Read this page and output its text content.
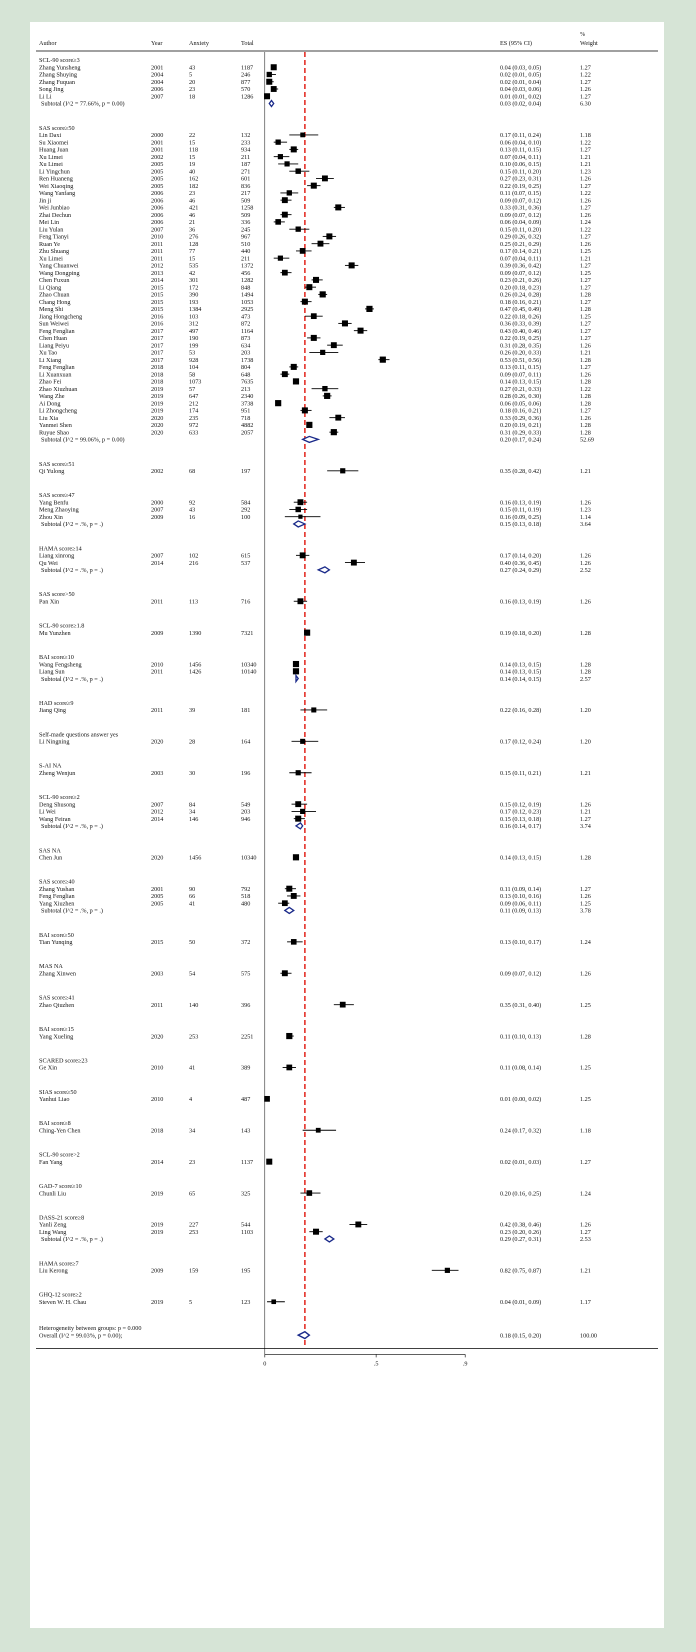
Author	Year	Anxiety	Total	ES (95% CI)
%
Weight
SCL-90 score≥3
Zhang Yunsheng	2001	43	1187	0.04 (0.03, 0.05)	1.27
Zhang Shuying	2004	5	246	0.02 (0.01, 0.05)	1.22
Zhang Fuquan	2004	20	877	0.02 (0.01, 0.04)	1.27
Song Jing	2006	23	570	0.04 (0.03, 0.06)	1.26
Li Li	2007	18	1286	0.01 (0.01, 0.02)	1.27
Subtotal (I^2 = 77.66%, p = 0.00)	0.03 (0.02, 0.04)	6.30
SAS score≥50
Lin Daxi	2000	22	132	0.17 (0.11, 0.24)	1.18
Su Xiaomei	2001	15	233	0.06 (0.04, 0.10)	1.22
Huang Juan	2001	118	934	0.13 (0.11, 0.15)	1.27
Xu Limei	2002	15	211	0.07 (0.04, 0.11)	1.21
Xu Limei	2005	19	187	0.10 (0.06, 0.15)	1.21
Li Yingchun	2005	40	271	0.15 (0.11, 0.20)	1.23
Ren Huaneng	2005	162	601	0.27 (0.23, 0.31)	1.26
Wei Xiaoqing	2005	182	836	0.22 (0.19, 0.25)	1.27
Wang Yanfang	2006	23	217	0.11 (0.07, 0.15)	1.22
Jin ji	2006	46	509	0.09 (0.07, 0.12)	1.26
Wei Junbiao	2006	421	1258	0.33 (0.31, 0.36)	1.27
Zhai Dechun	2006	46	509	0.09 (0.07, 0.12)	1.26
Mei Lin	2006	21	336	0.06 (0.04, 0.09)	1.24
Liu Yulan	2007	36	245	0.15 (0.11, 0.20)	1.22
Feng Tianyi	2010	276	967	0.29 (0.26, 0.32)	1.27
Ruan Ye	2011	128	510	0.25 (0.21, 0.29)	1.26
Zhu Shuang	2011	77	440	0.17 (0.14, 0.21)	1.25
Xu Limei	2011	15	211	0.07 (0.04, 0.11)	1.21
Yang Chuanwei	2012	535	1372	0.39 (0.36, 0.42)	1.27
Wang Dongping	2013	42	456	0.09 (0.07, 0.12)	1.25
Chen Fuxun	2014	301	1282	0.23 (0.21, 0.26)	1.27
Li Qiang	2015	172	848	0.20 (0.18, 0.23)	1.27
Zhao Chuan	2015	390	1494	0.26 (0.24, 0.28)	1.28
Chang Hong	2015	193	1053	0.18 (0.16, 0.21)	1.27
Meng Shi	2015	1384	2925	0.47 (0.45, 0.49)	1.28
Jiang Hongcheng	2016	103	473	0.22 (0.18, 0.26)	1.25
Sun Weiwei	2016	312	872	0.36 (0.33, 0.39)	1.27
Feng Fenglian	2017	497	1164	0.43 (0.40, 0.46)	1.27
Chen Huan	2017	190	873	0.22 (0.19, 0.25)	1.27
Liang Peiyu	2017	199	634	0.31 (0.28, 0.35)	1.26
Xu Tao	2017	53	203	0.26 (0.20, 0.33)	1.21
Li Xiang	2017	928	1738	0.53 (0.51, 0.56)	1.28
Feng Fenglian	2018	104	804	0.13 (0.11, 0.15)	1.27
Li Xuanxuan	2018	58	648	0.09 (0.07, 0.11)	1.26
Zhao Fei	2018	1073	7635	0.14 (0.13, 0.15)	1.28
Zhao Xiuzhuan	2019	57	213	0.27 (0.21, 0.33)	1.22
Wang Zhe	2019	647	2340	0.28 (0.26, 0.30)	1.28
Ai Dong	2019	212	3738	0.06 (0.05, 0.06)	1.28
Li Zhongcheng	2019	174	951	0.18 (0.16, 0.21)	1.27
Liu Xia	2020	235	718	0.33 (0.29, 0.36)	1.26
Yanmei Shen	2020	972	4882	0.20 (0.19, 0.21)	1.28
Ruyue Shao	2020	633	2057	0.31 (0.29, 0.33)	1.28
Subtotal (I^2 = 99.06%, p = 0.00)	0.20 (0.17, 0.24)	52.69
SAS score≥51
Qi Yulong	2002	68	197	0.35 (0.28, 0.42)	1.21
SAS score≥47
Yang Benfu	2000	92	584	0.16 (0.13, 0.19)	1.26
Meng Zhaoying	2007	43	292	0.15 (0.11, 0.19)	1.23
Zhou Xin	2009	16	100	0.16 (0.09, 0.25)	1.14
Subtotal (I^2 = .%, p = .)	0.15 (0.13, 0.18)	3.64
HAMA score≥14
Liang xinrong	2007	102	615	0.17 (0.14, 0.20)	1.26
Qu Wei	2014	216	537	0.40 (0.36, 0.45)	1.26
Subtotal (I^2 = .%, p = .)	0.27 (0.24, 0.29)	2.52
SAS score>50
Pan Xin	2011	113	716	0.16 (0.13, 0.19)	1.26
SCL-90 score≥1.8
Mu Yunzhen	2009	1390	7321	0.19 (0.18, 0.20)	1.28
BAI score≥10
Wang Fengsheng	2010	1456	10340	0.14 (0.13, 0.15)	1.28
Liang Sun	2011	1426	10140	0.14 (0.13, 0.15)	1.28
Subtotal (I^2 = .%, p = .)	0.14 (0.14, 0.15)	2.57
HAD score≥9
Jiang Qing	2011	39	181	0.22 (0.16, 0.28)	1.20
Self-made questions answer yes
Li Ningning	2020	28	164	0.17 (0.12, 0.24)	1.20
S-AI NA
Zheng Wenjun	2003	30	196	0.15 (0.11, 0.21)	1.21
SCL-90 score≥2
Deng Shusong	2007	84	549	0.15 (0.12, 0.19)	1.26
Li Wei	2012	34	203	0.17 (0.12, 0.23)	1.21
Wang Feiran	2014	146	946	0.15 (0.13, 0.18)	1.27
Subtotal (I^2 = .%, p = .)	0.16 (0.14, 0.17)	3.74
SAS NA
Chen Jun	2020	1456	10340	0.14 (0.13, 0.15)	1.28
SAS score≥40
Zhang Yushan	2001	90	792	0.11 (0.09, 0.14)	1.27
Feng Fenglian	2005	66	518	0.13 (0.10, 0.16)	1.26
Yang Xiuzhen	2005	41	480	0.09 (0.06, 0.11)	1.25
Subtotal (I^2 = .%, p = .)	0.11 (0.09, 0.13)	3.78
BAI score≥50
Tian Yunqing	2015	50	372	0.13 (0.10, 0.17)	1.24
MAS NA
Zhang Xinwen	2003	54	575	0.09 (0.07, 0.12)	1.26
SAS score≥41
Zhao Qiuzhen	2011	140	396	0.35 (0.31, 0.40)	1.25
BAI score≥15
Yang Xueling	2020	253	2251	0.11 (0.10, 0.13)	1.28
SCARED score≥23
Ge Xin	2010	41	389	0.11 (0.08, 0.14)	1.25
SIAS score≥50
Yanhui Liao	2010	4	487	0.01 (0.00, 0.02)	1.25
BAI score≥8
Ching-Yen Chen	2018	34	143	0.24 (0.17, 0.32)	1.18
SCL-90 score>2
Fan Yang	2014	23	1137	0.02 (0.01, 0.03)	1.27
GAD-7 score≥10
Chunli Liu	2019	65	325	0.20 (0.16, 0.25)	1.24
DASS-21 score≥8
Yanli Zeng	2019	227	544	0.42 (0.38, 0.46)	1.26
Ling Wang	2019	253	1103	0.23 (0.20, 0.26)	1.27
Subtotal (I^2 = .%, p = .)	0.29 (0.27, 0.31)	2.53
HAMA score≥7
Liu Kerong	2009	159	195	0.82 (0.75, 0.87)	1.21
GHQ-12 score≥2
Steven W. H. Chau	2019	5	123	0.04 (0.01, 0.09)	1.17
Heterogeneity between groups: p = 0.000
Overall (I^2 = 99.03%, p = 0.00);	0.18 (0.15, 0.20)	100.00
0	.5	.9
